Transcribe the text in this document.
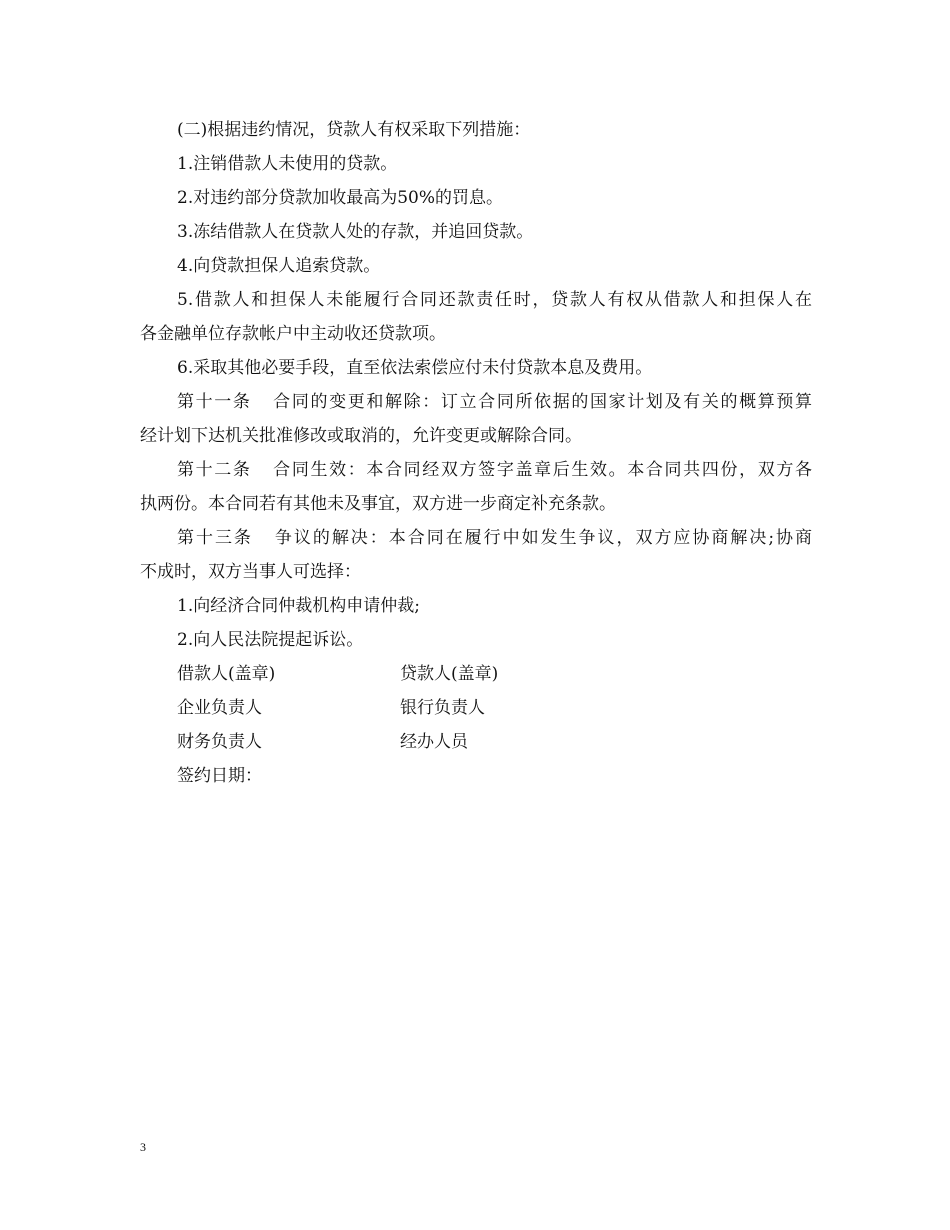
(二)根据违约情况，贷款人有权采取下列措施：

1.注销借款人未使用的贷款。

2.对违约部分贷款加收最高为50%的罚息。

3.冻结借款人在贷款人处的存款，并追回贷款。

4.向贷款担保人追索贷款。

5.借款人和担保人未能履行合同还款责任时，贷款人有权从借款人和担保人在

各金融单位存款帐户中主动收还贷款项。

6.采取其他必要手段，直至依法索偿应付未付贷款本息及费用。

第十一条 合同的变更和解除：订立合同所依据的国家计划及有关的概算预算

经计划下达机关批准修改或取消的，允许变更或解除合同。

第十二条 合同生效：本合同经双方签字盖章后生效。本合同共四份，双方各

执两份。本合同若有其他未及事宜，双方进一步商定补充条款。

第十三条 争议的解决：本合同在履行中如发生争议，双方应协商解决;协商

不成时，双方当事人可选择：

1.向经济合同仲裁机构申请仲裁;

2.向人民法院提起诉讼。

借款人(盖章)	贷款人(盖章)
企业负责人	银行负责人
财务负责人	经办人员
签约日期：
3
